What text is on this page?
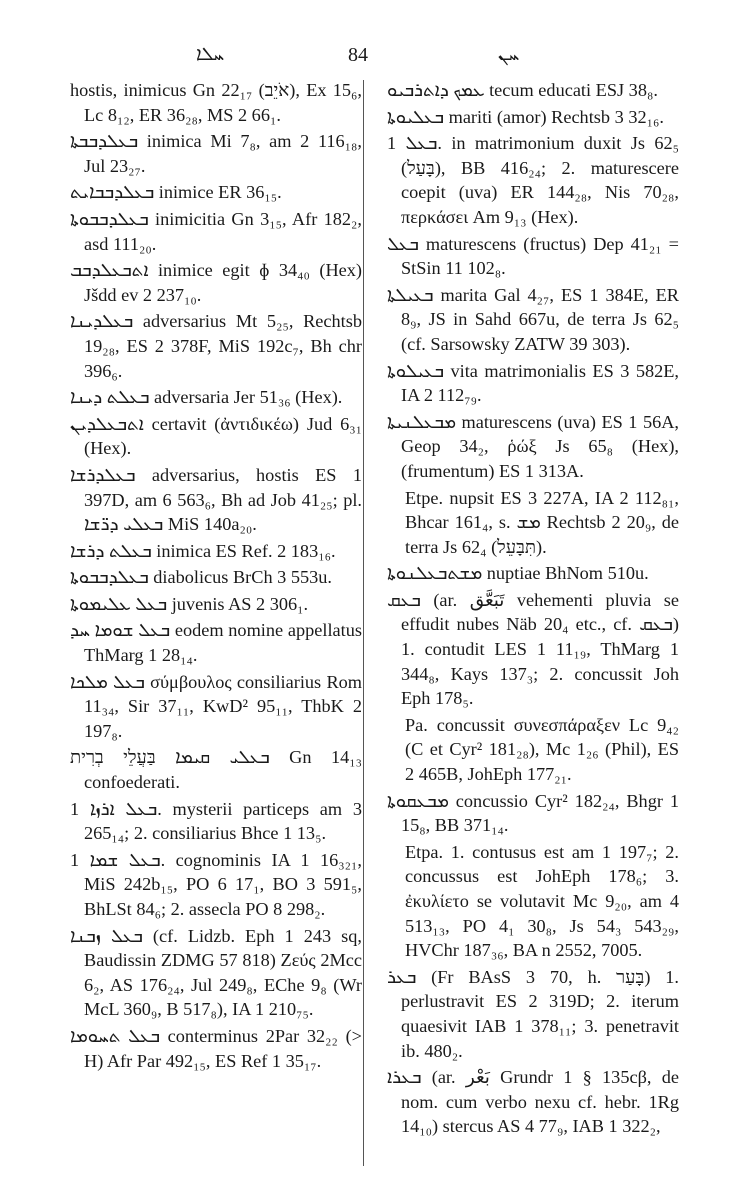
ܚܠܐ	84	ܚܢ
hostis, inimicus Gn 22₁₇ (אֹיֵב), Ex 15₆, Lc 8₁₂, ER 36₂₈, MS 2 66₁.
ܒܥܠܕܒܒܬܐ inimica Mi 7₈, am 2 116₁₈, Jul 23₂₇.
ܒܥܠܕܒܒܐܝܬ inimice ER 36₁₅.
ܒܥܠܕܒܒܘܬܐ inimicitia Gn 3₁₅, Afr 182₂, asd 111₂₀.
ܐܬܒܥܠܕܒܒ inimice egit ɸ 34₄₀ (Hex) Jšdd ev 2 237₁₀.
ܒܥܠܕܝܢܐ adversarius Mt 5₂₅, Rechtsb 19₂₈, ES 2 378F, MiS 192c₇, Bh chr 396₆.
ܒܥܠܬ ܕܝܢܐ adversaria Jer 51₃₆ (Hex).
ܐܬܒܥܠܕܝܢ certavit (ἀντιδικέω) Jud 6₃₁ (Hex).
ܒܥܠܕܪܫܐ adversarius, hostis ES 1 397D, am 6 563₆, Bh ad Job 41₂₅; pl. ܒܥܠܝ ܕܪ̈ܫܐ MiS 140a₂₀.
ܒܥܠܬ ܕܪܫܐ inimica ES Ref. 2 183₁₆.
ܒܥܠܕܒܒܘܬܐ diabolicus BrCh 3 553u.
ܒܥܠ ܥܠܝܡܘܬܐ juvenis AS 2 306₁.
ܒܥܠ ܫܘܡܐ ܚܕ eodem nomine appellatus ThMarg 1 28₁₄.
ܒܥܠ ܡܠܟܐ σύμβουλος consiliarius Rom 11₃₄, Sir 37₁₁, KwD² 95₁₁, ThbK 2 197₈.
ܒܥܠܝ ܩܝܡܐ בַּעֲלֵי בְרִית Gn 14₁₃ confoederati.
ܒܥܠ ܐܪܙܐ 1. mysterii particeps am 3 265₁₄; 2. consiliarius Bhce 1 13₅.
ܒܥܠ ܫܡܐ 1. cognominis IA 1 16₃₂₁, MiS 242b₁₅, PO 6 17₁, BO 3 591₅, BhLSt 84₆; 2. assecla PO 8 298₂.
ܒܥܠ ܙܒܢܐ (cf. Lidzb. Eph 1 243 sq, Baudissin ZDMG 57 818) Ζεύς 2Mcc 6₂, AS 176₂₄, Jul 249₈, EChe 9₈ (Wr McL 360₉, B 517₈), IA 1 210₇₅.
ܒܥܠ ܬܚܘܡܐ conterminus 2Par 32₂₂ (> H) Afr Par 492₁₅, ES Ref 1 35₁₇.
ܥܡܟ ܕܐܬܪܒܝܘ tecum educati ESJ 38₈.
ܒܥܠܝܘܬܐ mariti (amor) Rechtsb 3 32₁₆.
ܒܥܠ 1. in matrimonium duxit Js 62₅ (בָּעַל), BB 416₂₄; 2. maturescere coepit (uva) ER 144₂₈, Nis 70₂₈, περκάσει Am 9₁₃ (Hex).
ܒܥܠ maturescens (fructus) Dep 41₂₁ = StSin 11 102₈.
ܒܥܝܠܬܐ marita Gal 4₂₇, ES 1 384E, ER 8₉, JS in Sahd 667u, de terra Js 62₅ (cf. Sarsowsky ZATW 39 303).
ܒܥܝܠܘܬܐ vita matrimonialis ES 3 582E, IA 2 112₇₉.
ܡܒܥܠܢܝܬܐ maturescens (uva) ES 1 56A, Geop 34₂, ῥώξ Js 65₈ (Hex), (frumentum) ES 1 313A.
Etpe. nupsit ES 3 227A, IA 2 112₈₁, Bhcar 161₄, s. ܡܫ Rechtsb 2 20₉, de terra Js 62₄ (תִּבָּעֵל).
ܡܫܬܒܥܠܢܘܬܐ nuptiae BhNom 510u.
ܒܥܩ (ar. تَبَعَّق vehementi pluvia se effudit nubes Näb 20₄ etc., cf. ܒܥܩ) 1. contudit LES 1 11₁₉, ThMarg 1 344₈, Kays 137₃; 2. concussit Joh Eph 178₅.
Pa. concussit συνεσπάραξεν Lc 9₄₂ (C et Cyr² 181₂₈), Mc 1₂₆ (Phil), ES 2 465B, JohEph 177₂₁.
ܡܒܥܩܘܬܐ concussio Cyr² 182₂₄, Bhgr 1 15₈, BB 371₁₄.
Etpa. 1. contusus est am 1 197₇; 2. concussus est JohEph 178₆; 3. ἐκυλίετο se volutavit Mc 9₂₀, am 4 513₁₃, PO 4₁ 30₈, Js 54₃ 543₂₉, HVChr 187₃₆, BA n 2552, 7005.
ܒܥܪ (Fr BAsS 3 70, h. בָּעַר) 1. perlustravit ES 2 319D; 2. iterum quaesivit IAB 1 378₁₁; 3. penetravit ib. 480₂.
ܒܥܪܐ (ar. بَعْر Grundr 1 § 135cβ, de nom. cum verbo nexu cf. hebr. 1Rg 14₁₀) stercus AS 4 77₉, IAB 1 322₂,
